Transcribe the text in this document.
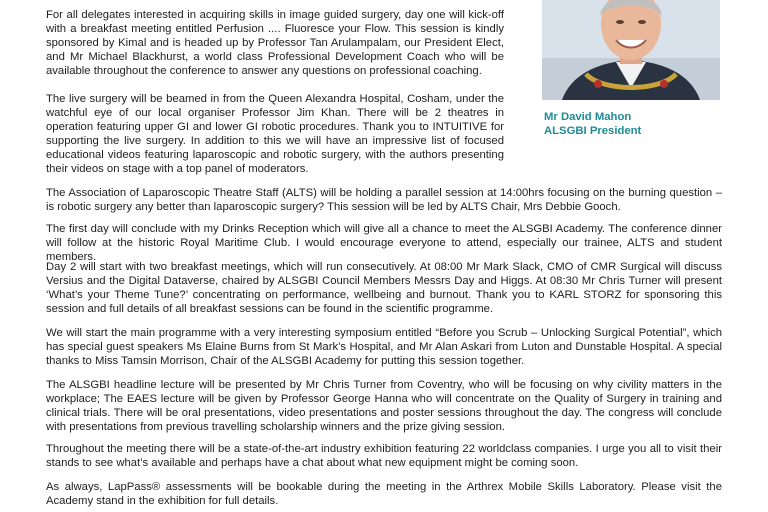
For all delegates interested in acquiring skills in image guided surgery, day one will kick-off with a breakfast meeting entitled Perfusion .... Fluoresce your Flow. This session is kindly sponsored by Kimal and is headed up by Professor Tan Arulampalam, our President Elect, and Mr Michael Blackhurst, a world class Professional Development Coach who will be available throughout the conference to answer any questions on professional coaching.

The live surgery will be beamed in from the Queen Alexandra Hospital, Cosham, under the watchful eye of our local organiser Professor Jim Khan. There will be 2 theatres in operation featuring upper GI and lower GI robotic procedures. Thank you to INTUITIVE for supporting the live surgery. In addition to this we will have an impressive list of focused educational videos featuring laparoscopic and robotic surgery, with the authors presenting their videos on stage with a top panel of moderators.

Mr David Mahon
ALSGBI President

The Association of Laparoscopic Theatre Staff (ALTS) will be holding a parallel session at 14:00hrs focusing on the burning question – is robotic surgery any better than laparoscopic surgery? This session will be led by ALTS Chair, Mrs Debbie Gooch.

The first day will conclude with my Drinks Reception which will give all a chance to meet the ALSGBI Academy. The conference dinner will follow at the historic Royal Maritime Club. I would encourage everyone to attend, especially our trainee, ALTS and student members.

Day 2 will start with two breakfast meetings, which will run consecutively. At 08:00 Mr Mark Slack, CMO of CMR Surgical will discuss Versius and the Digital Dataverse, chaired by ALSGBI Council Members Messrs Day and Higgs. At 08:30 Mr Chris Turner will present ‘What’s your Theme Tune?’ concentrating on performance, wellbeing and burnout. Thank you to KARL STORZ for sponsoring this session and full details of all breakfast sessions can be found in the scientific programme.

We will start the main programme with a very interesting symposium entitled “Before you Scrub – Unlocking Surgical Potential”, which has special guest speakers Ms Elaine Burns from St Mark’s Hospital, and Mr Alan Askari from Luton and Dunstable Hospital. A special thanks to Miss Tamsin Morrison, Chair of the ALSGBI Academy for putting this session together.

The ALSGBI headline lecture will be presented by Mr Chris Turner from Coventry, who will be focusing on why civility matters in the workplace; The EAES lecture will be given by Professor George Hanna who will concentrate on the Quality of Surgery in training and clinical trials. There will be oral presentations, video presentations and poster sessions throughout the day. The congress will conclude with presentations from previous travelling scholarship winners and the prize giving session.

Throughout the meeting there will be a state-of-the-art industry exhibition featuring 22 worldclass companies. I urge you all to visit their stands to see what’s available and perhaps have a chat about what new equipment might be coming soon.

As always, LapPass® assessments will be bookable during the meeting in the Arthrex Mobile Skills Laboratory. Please visit the Academy stand in the exhibition for full details.
